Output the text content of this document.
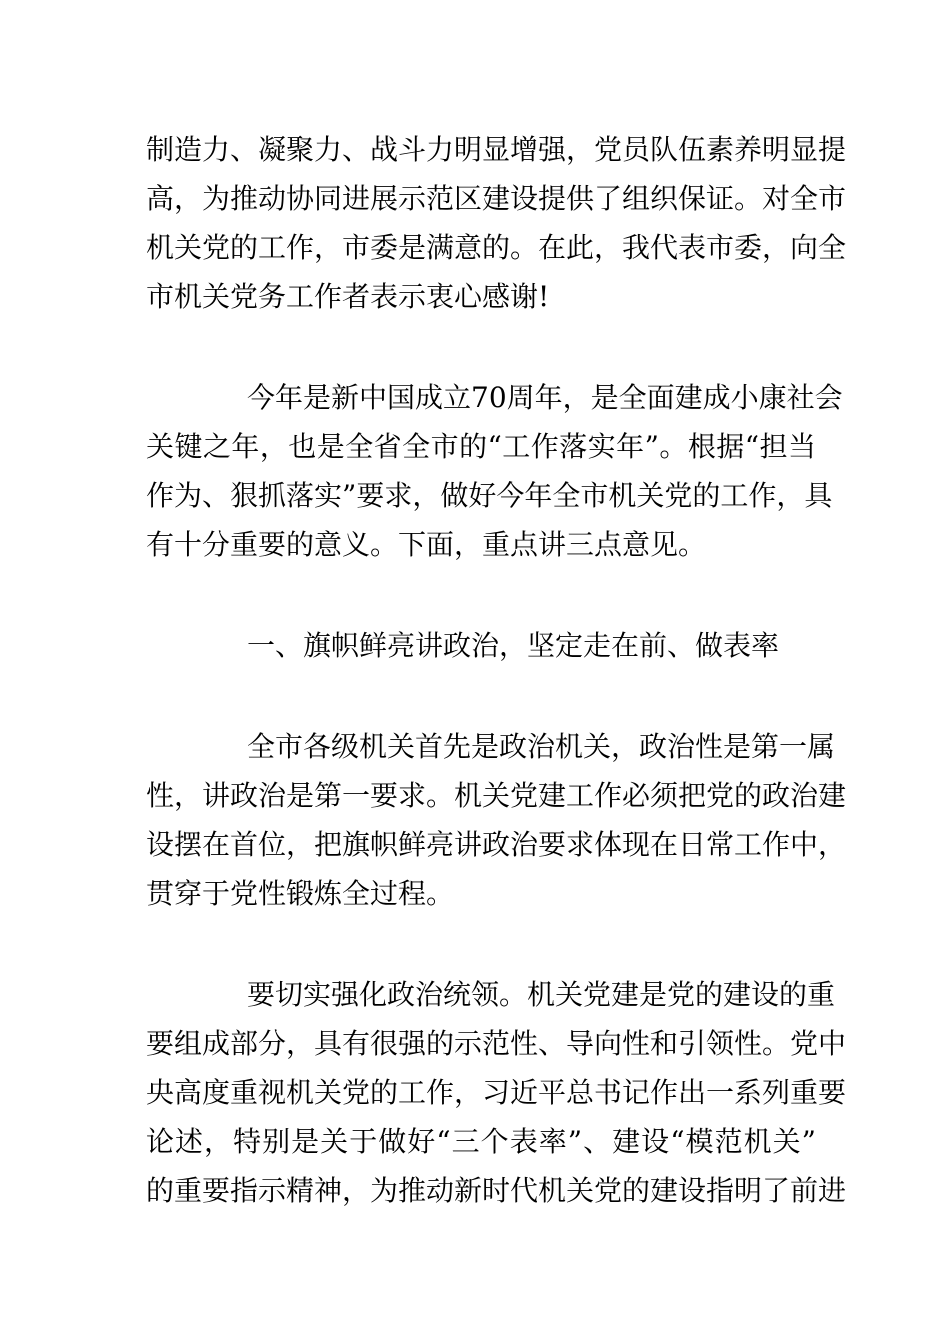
制造力、凝聚力、战斗力明显增强，党员队伍素养明显提
高，为推动协同进展示范区建设提供了组织保证。对全市
机关党的工作，市委是满意的。在此，我代表市委，向全
市机关党务工作者表示衷心感谢!
今年是新中国成立70周年，是全面建成小康社会
关键之年，也是全省全市的“工作落实年”。根据“担当
作为、狠抓落实”要求，做好今年全市机关党的工作，具
有十分重要的意义。下面，重点讲三点意见。
一、旗帜鲜亮讲政治，坚定走在前、做表率
全市各级机关首先是政治机关，政治性是第一属
性，讲政治是第一要求。机关党建工作必须把党的政治建
设摆在首位，把旗帜鲜亮讲政治要求体现在日常工作中，
贯穿于党性锻炼全过程。
要切实强化政治统领。机关党建是党的建设的重
要组成部分，具有很强的示范性、导向性和引领性。党中
央高度重视机关党的工作，习近平总书记作出一系列重要
论述，特别是关于做好“三个表率”、建设“模范机关”
的重要指示精神，为推动新时代机关党的建设指明了前进
